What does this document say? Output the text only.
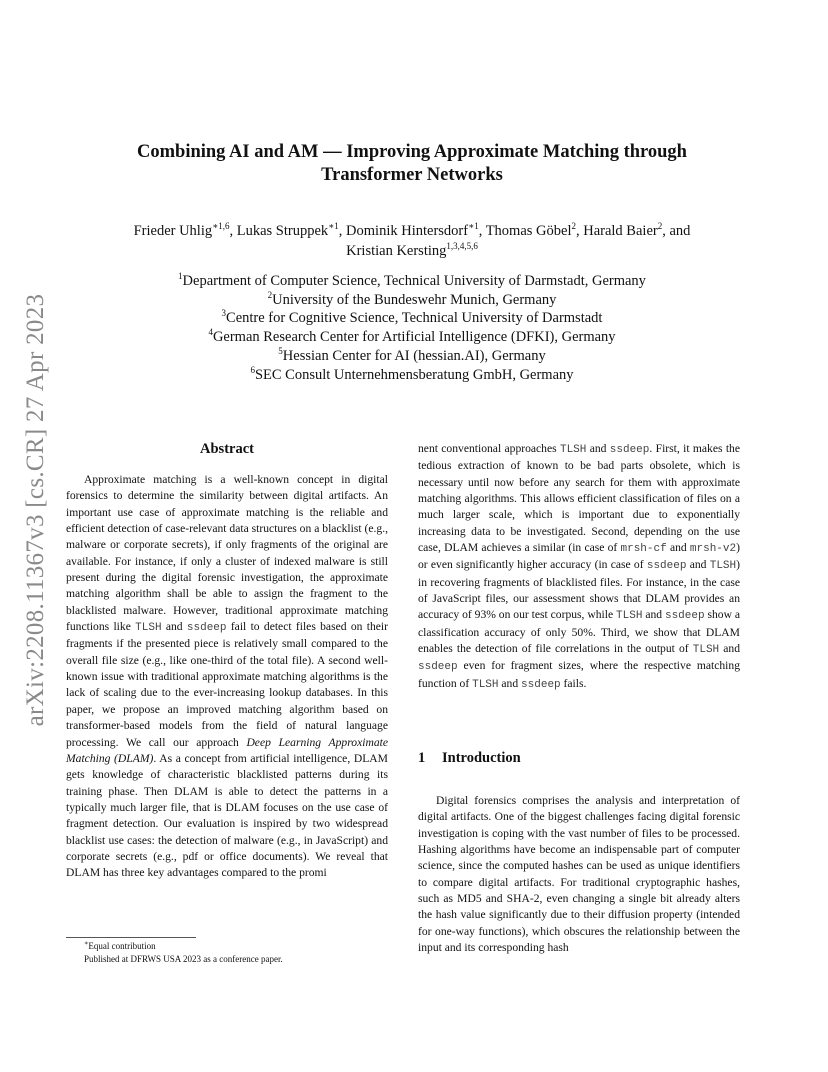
arXiv:2208.11367v3 [cs.CR] 27 Apr 2023
Combining AI and AM — Improving Approximate Matching through
Transformer Networks
Frieder Uhlig$^{∗1,6}$, Lukas Struppek$^{∗1}$, Dominik Hintersdorf$^{∗1}$, Thomas Göbel$^2$, Harald Baier$^2$, and
Kristian Kersting$^{1,3,4,5,6}$
$^1$Department of Computer Science, Technical University of Darmstadt, Germany
$^2$University of the Bundeswehr Munich, Germany
$^3$Centre for Cognitive Science, Technical University of Darmstadt
$^4$German Research Center for Artificial Intelligence (DFKI), Germany
$^5$Hessian Center for AI (hessian.AI), Germany
$^6$SEC Consult Unternehmensberatung GmbH, Germany
Abstract
Approximate matching is a well-known concept in digital forensics to determine the similarity between digital artifacts. An important use case of approximate matching is the reliable and efficient detection of case-relevant data structures on a blacklist (e.g., malware or corporate secrets), if only fragments of the original are available. For instance, if only a cluster of indexed malware is still present during the digital forensic investigation, the approximate matching algorithm shall be able to assign the fragment to the blacklisted malware. However, traditional approximate matching functions like TLSH and ssdeep fail to detect files based on their fragments if the presented piece is relatively small compared to the overall file size (e.g., like one-third of the total file). A second well-known issue with traditional approximate matching algorithms is the lack of scaling due to the ever-increasing lookup databases. In this paper, we propose an improved matching algorithm based on transformer-based models from the field of natural language processing. We call our approach Deep Learning Approximate Matching (DLAM). As a concept from artificial intelligence, DLAM gets knowledge of characteristic blacklisted patterns during its training phase. Then DLAM is able to detect the patterns in a typically much larger file, that is DLAM focuses on the use case of fragment detection. Our evaluation is inspired by two widespread blacklist use cases: the detection of malware (e.g., in JavaScript) and corporate secrets (e.g., pdf or office documents). We reveal that DLAM has three key advantages compared to the promi
nent conventional approaches TLSH and ssdeep. First, it makes the tedious extraction of known to be bad parts obsolete, which is necessary until now before any search for them with approximate matching algorithms. This allows efficient classification of files on a much larger scale, which is important due to exponentially increasing data to be investigated. Second, depending on the use case, DLAM achieves a similar (in case of mrsh-cf and mrsh-v2) or even significantly higher accuracy (in case of ssdeep and TLSH) in recovering fragments of blacklisted files. For instance, in the case of JavaScript files, our assessment shows that DLAM provides an accuracy of 93% on our test corpus, while TLSH and ssdeep show a classification accuracy of only 50%. Third, we show that DLAM enables the detection of file correlations in the output of TLSH and ssdeep even for fragment sizes, where the respective matching function of TLSH and ssdeep fails.
1 Introduction
Digital forensics comprises the analysis and interpretation of digital artifacts. One of the biggest challenges facing digital forensic investigation is coping with the vast number of files to be processed. Hashing algorithms have become an indispensable part of computer science, since the computed hashes can be used as unique identifiers to compare digital artifacts. For traditional cryptographic hashes, such as MD5 and SHA-2, even changing a single bit already alters the hash value significantly due to their diffusion property (intended for one-way functions), which obscures the relationship between the input and its corresponding hash
∗Equal contribution
Published at DFRWS USA 2023 as a conference paper.
